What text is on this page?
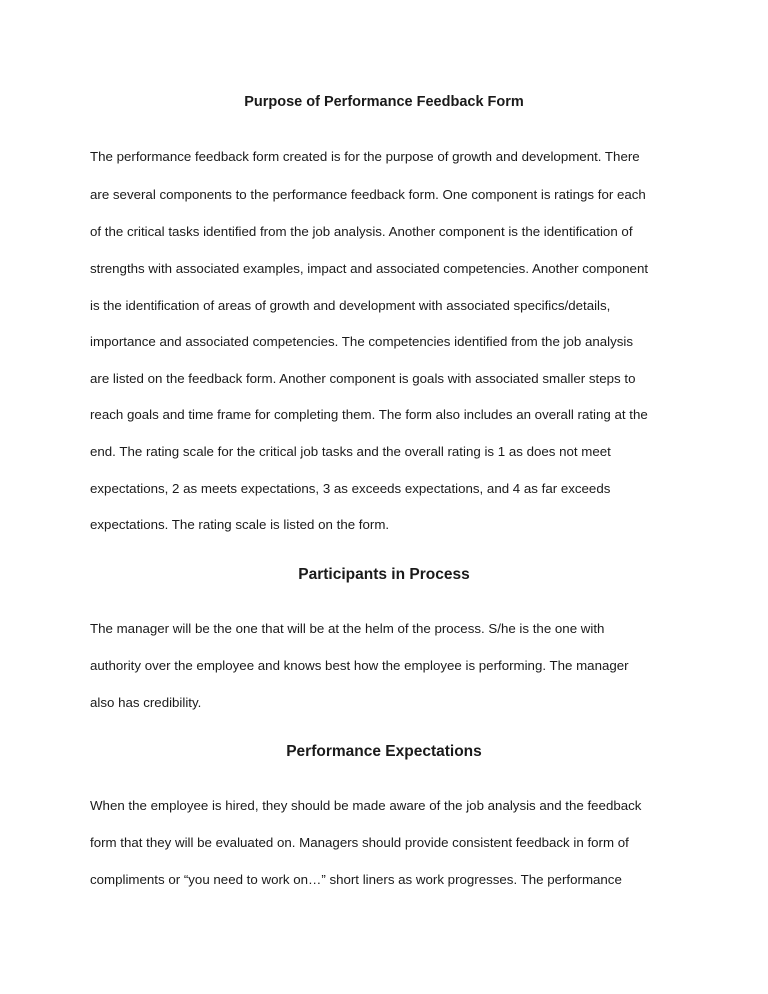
Purpose of Performance Feedback Form

The performance feedback form created is for the purpose of growth and development. There

are several components to the performance feedback form. One component is ratings for each

of the critical tasks identified from the job analysis. Another component is the identification of

strengths with associated examples, impact and associated competencies. Another component

is the identification of areas of growth and development with associated specifics/details,

importance and associated competencies. The competencies identified from the job analysis

are listed on the feedback form. Another component is goals with associated smaller steps to

reach goals and time frame for completing them. The form also includes an overall rating at the

end. The rating scale for the critical job tasks and the overall rating is 1 as does not meet

expectations, 2 as meets expectations, 3 as exceeds expectations, and 4 as far exceeds

expectations. The rating scale is listed on the form.

Participants in Process

The manager will be the one that will be at the helm of the process. S/he is the one with

authority over the employee and knows best how the employee is performing. The manager

also has credibility.

Performance Expectations

When the employee is hired, they should be made aware of the job analysis and the feedback

form that they will be evaluated on. Managers should provide consistent feedback in form of

compliments or “you need to work on…” short liners as work progresses. The performance
